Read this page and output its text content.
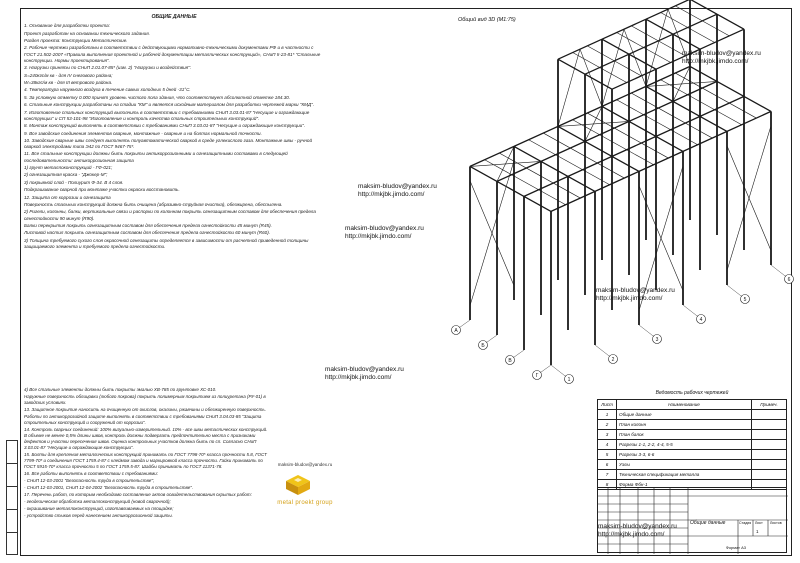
ОБЩИЕ ДАННЫЕ

1. Основание для разработки проекта:

Проект разработан на основании технического задания.

Раздел проекта: Конструкции Металлические.

2. Рабочие чертежи разработаны в соответствии с действующими нормативно-техническими документами РФ и в частности с ГОСТ 21.502-2007 «Правила выполнения проектной и рабочей документации металлических конструкций», СНиП II-23-81* "Стальные конструкции. Нормы проектирования".

3. Нагрузки приняты по СНиП 2.01.07-85* (изм. 2) "Нагрузки и воздействия":

S=240кгс/м кв - для IV снегового района;

W=38кгс/м кв - для III ветрового района.

4. Температура наружного воздуха в течение самых холодных 5 дней -31°С.

5. За условную отметку 0.000 принят уровень чистого пола здания, что соответствует абсолютной отметке 184.30.

6. Стальные конструкции разработаны на стадии "КМ" и является исходным материалом для разработки чертежей марки "КМД".

7. Изготовление стальных конструкций выполнить в соответствии с требованиями СНиП 3.03.01-87 "Несущие и ограждающие конструкции" и СП 53-101-98 "Изготовление и контроль качества стальных строительных конструкций".

8. Монтаж конструкций выполнять в соответствии с требованиями СНиП 3.03.01-87 "Несущие и ограждающие конструкции".

9. Все заводские соединения элементов сварные, монтажные - сварные и на болтах нормальной точности.

10. Заводские сварные швы следует выполнять полуавтоматической сваркой в среде углекислого газа. Монтажные швы - ручной сваркой электродами типа Э42 по ГОСТ 9467-75*.

11. Все стальные конструкции должны быть покрыты антикоррозионными и огнезащитными составами в следующей последовательности: антикоррозионная защита

1) грунт металлоконструкций - ГФ-021;

2) огнезащитная краска - "Джокер-М";

3) покрывной слой - Полиурит Ф-34. В 4 слоя.

Подкрашивание сварной при монтаже участки окраски восстановить.

12. Защита от коррозии и огнезащита

Поверхность стальных конструкций должна быть очищена (абразивно-струйная очистка), обезжирена, обеспылена.

2) Ригели, колонны, балки, вертикальные связи и распорки по колоннам покрыть огнезащитным составом для обеспечения предела огнестойкости 90 минут (R90).

Балки перекрытия покрыть огнезащитным составом для обеспечения предела огнестойкости 45 минут (R45).

Листовой настил покрыть огнезащитным составом для обеспечения предела огнестойкости 60 минут (R60).

3) Толщина требуемого сухого слоя окрасочной огнезащиты определяется в зависимости от расчетной приведенной толщины защищаемого элемента и требуемого предела огнестойкости.

4) Все стальные элементы должны быть покрыты эмалью ХВ-785 по грунтовке ХС-010.

Наружные поверхность облицовки (любого покрова) покрыть полимерным покрытием из полиуретана (РУ-01) в заводских условиях.

13. Защитное покрытие наносить на очищенную от окислов, окалины, ржавчины и обезжиренную поверхность.

Работы по антикоррозийной защите выполнять в соответствии с требованиями СНиП 3.04.03-85 "Защита строительных конструкций и сооружений от коррозии".

14. Контроль сварных соединений: 100% визуально-измерительный. 10% - все швы металлических конструкций. В объеме не менее 0,5% длины швов, контроль должны подвергать предпочтительно места с признаками дефектов и участки пересечения швов. Оценка контрольных участков должна быть по сп. Согласно СНиП 3.03.01-87 "Несущие и ограждающие конструкции".

15. Болты для крепления металлических конструкций принимать по ГОСТ 7798-70* класса прочности 5.8, ГОСТ 7799-70* и соединения ГОСТ 1759.4-87 с клеймом завода и маркировкой класса прочности. Гайки принимать по ГОСТ 5915-70* класса прочности 5 по ГОСТ 1759.5-87. Шайбы принимать по ГОСТ 11371-78.

16. Все работы выполнять в соответствии с требованиями:

- СНиП 12-03-2001 "Безопасность труда в строительстве";

- СНиП 12-03-2001, СНиП 12-04-2002 "Безопасность труда в строительстве".

17. Перечень работ, по которым необходимо составление актов освидетельствования скрытых работ:

- геодезическая обработка металлоконструкций (новой сварочной);

- окрашивание металлоконструкций, изготавливаемых на площадке;

- устройство стыков перед нанесением антикоррозионной защиты.

Общий вид 3D (М1:75)
1
2
3
4
5
6
А
Б
В
Г
maksim-bludov@yandex.ru
http://mkjbk.jimdo.com/
maksim-bludov@yandex.ru
http://mkjbk.jimdo.com/
maksim-bludov@yandex.ru
http://mkjbk.jimdo.com/
maksim-bludov@yandex.ru
http://mkjbk.jimdo.com/
maksim-bludov@yandex.ru
http://mkjbk.jimdo.com/
maksim-bludov@yandex.ru
http://mkjbk.jimdo.com/
maksim-bludov@yandex.ru
metal proekt group
Ведомость рабочих чертежей
Лист	Наименование	Примеч.
1	Общие данные	
2	План колонн	
3	План балок	
4	Разрезы 1-1, 2-2, 4-4, 5-5	
5	Разрезы 3-3, 6-6	
6	Узлы	
7	Техническая спецификация металла	
8	Форма Фбн-1	
Стадия Лист Листов
Общие данные
1
Формат А3
